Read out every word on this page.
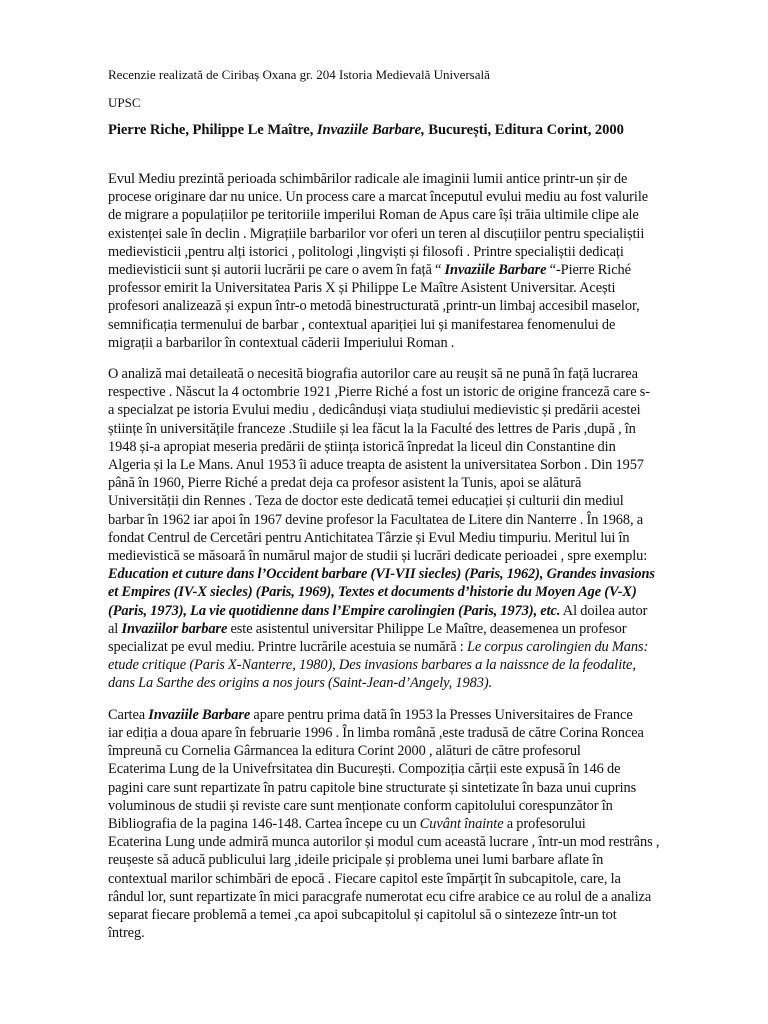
Recenzie realizată de Ciribaș Oxana gr. 204 Istoria Medievală Universală

UPSC

Pierre Riche, Philippe Le Maître, Invaziile Barbare, București, Editura Corint, 2000

Evul Mediu prezintă perioada schimbărilor radicale ale imaginii lumii antice printr-un șir de
procese originare dar nu unice. Un process care a marcat începutul evului mediu au fost valurile
de migrare a populațiilor pe teritoriile imperilui Roman de Apus care își trăia ultimile clipe ale
existenței sale în declin . Migrațiile barbarilor vor oferi un teren al discuțiilor pentru specialiștii
medievisticii ,pentru alți istorici , politologi ,lingviști și filosofi . Printre specialiștii dedicați
medievisticii sunt și autorii lucrării pe care o avem în față “ Invaziile Barbare “-Pierre Riché
professor emirit la Universitatea Paris X și Philippe Le Maître Asistent Universitar. Acești
profesori analizează și expun într-o metodă binestructurată ,printr-un limbaj accesibil maselor,
semnificația termenului de barbar , contextual apariției lui și manifestarea fenomenului de
migrații a barbarilor în contextual căderii Imperiului Roman .
O analiză mai detaileată o necesită biografia autorilor care au reușit să ne pună în față lucrarea
respective . Născut la 4 octombrie 1921 ,Pierre Riché a fost un istoric de origine franceză care s-
a specialzat pe istoria Evului mediu , dedicânduși viața studiului medievistic și predării acestei
științe în universitățile franceze .Studiile și lea făcut la la Faculté des lettres de Paris ,după , în
1948 și-a apropiat meseria predării de știința istorică înpredat la liceul din Constantine din
Algeria și la Le Mans. Anul 1953 îi aduce treapta de asistent la universitatea Sorbon . Din 1957
până în 1960, Pierre Riché a predat deja ca profesor asistent la Tunis, apoi se alătură
Universității din Rennes . Teza de doctor este dedicată temei educației și culturii din mediul
barbar în 1962 iar apoi în 1967 devine profesor la Facultatea de Litere din Nanterre . În 1968, a
fondat Centrul de Cercetări pentru Antichitatea Târzie și Evul Mediu timpuriu. Meritul lui în
medievistică se măsoară în numărul major de studii și lucrări dedicate perioadei , spre exemplu:
Education et cuture dans l’Occident barbare (VI-VII siecles) (Paris, 1962), Grandes invasions
et Empires (IV-X siecles) (Paris, 1969), Textes et documents d’historie du Moyen Age (V-X)
(Paris, 1973), La vie quotidienne dans l’Empire carolingien (Paris, 1973), etc. Al doilea autor
al Invaziilor barbare este asistentul universitar Philippe Le Maître, deasemenea un profesor
specializat pe evul mediu. Printre lucrările acestuia se numără : Le corpus carolingien du Mans:
etude critique (Paris X-Nanterre, 1980), Des invasions barbares a la naissnce de la feodalite,
dans La Sarthe des origins a nos jours (Saint-Jean-d’Angely, 1983).
Cartea Invaziile Barbare apare pentru prima dată în 1953 la Presses Universitaires de France
iar ediția a doua apare în februarie 1996 . În limba română ,este tradusă de către Corina Roncea
împreună cu Cornelia Gârmancea la editura Corint 2000 , alături de către profesorul
Ecaterima Lung de la Univefrsitatea din București. Compoziția cărții este expusă în 146 de
pagini care sunt repartizate în patru capitole bine structurate și sintetizate în baza unui cuprins
voluminous de studii și reviste care sunt menționate conform capitolului corespunzător în
Bibliografia de la pagina 146-148. Cartea începe cu un Cuvânt înainte a profesorului
Ecaterina Lung unde admiră munca autorilor și modul cum această lucrare , într-un mod restrâns ,
reușeste să aducă publicului larg ,ideile pricipale și problema unei lumi barbare aflate în
contextual marilor schimbări de epocă . Fiecare capitol este împărțit în subcapitole, care, la
rândul lor, sunt repartizate în mici paracgrafe numerotat ecu cifre arabice ce au rolul de a analiza
separat fiecare problemă a temei ,ca apoi subcapitolul și capitolul să o sintezeze într-un tot
întreg.
